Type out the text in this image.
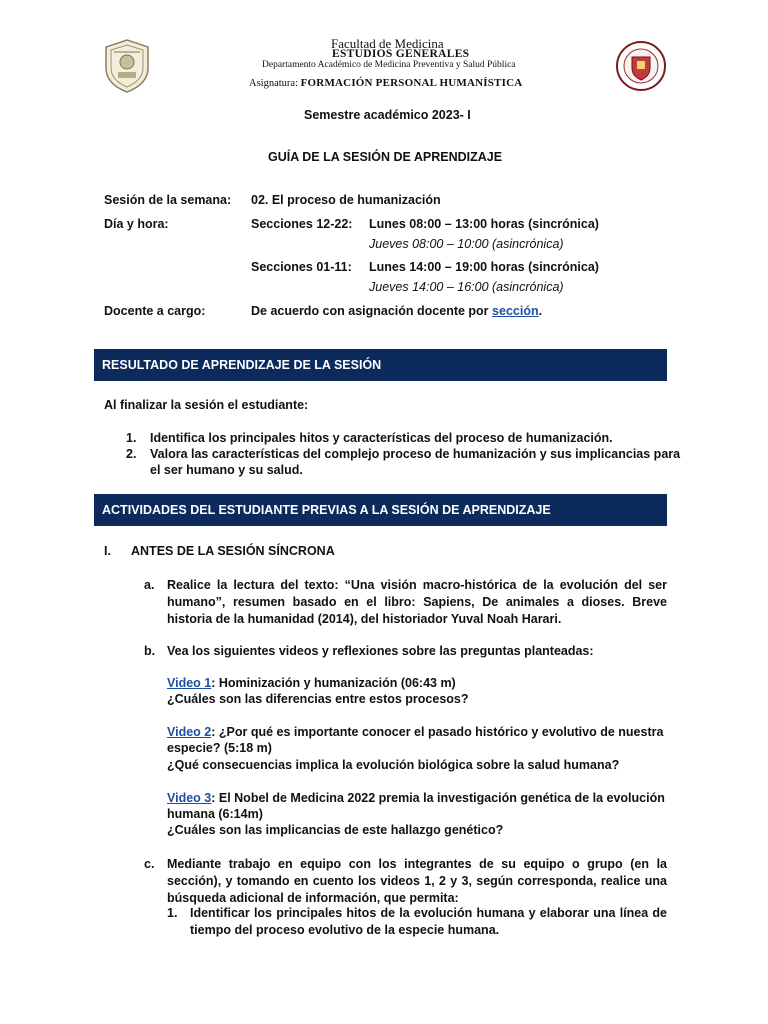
Facultad de Medicina
ESTUDIOS GENERALES
Departamento Académico de Medicina Preventiva y Salud Pública
Asignatura: FORMACIÓN PERSONAL HUMANÍSTICA
Semestre académico 2023- I
GUÍA DE LA SESIÓN DE APRENDIZAJE
Sesión de la semana: 02. El proceso de humanización
Día y hora:	Secciones 12-22: Lunes 08:00 – 13:00 horas (sincrónica)
Jueves 08:00 – 10:00 (asincrónica)
Secciones 01-11: Lunes 14:00 – 19:00 horas (sincrónica)
Jueves 14:00 – 16:00 (asincrónica)
Docente a cargo:	De acuerdo con asignación docente por sección.
RESULTADO DE APRENDIZAJE DE LA SESIÓN
Al finalizar la sesión el estudiante:
1. Identifica los principales hitos y características del proceso de humanización.
2. Valora las características del complejo proceso de humanización y sus implicancias para
el ser humano y su salud.
ACTIVIDADES DEL ESTUDIANTE PREVIAS A LA SESIÓN DE APRENDIZAJE
I. ANTES DE LA SESIÓN SÍNCRONA
a. Realice la lectura del texto: “Una visión macro-histórica de la evolución del ser humano”, resumen basado en el libro: Sapiens, De animales a dioses. Breve historia de la humanidad (2014), del historiador Yuval Noah Harari.
b. Vea los siguientes videos y reflexiones sobre las preguntas planteadas:
Video 1: Hominización y humanización (06:43 m)
¿Cuáles son las diferencias entre estos procesos?
Video 2: ¿Por qué es importante conocer el pasado histórico y evolutivo de nuestra
especie? (5:18 m)
¿Qué consecuencias implica la evolución biológica sobre la salud humana?
Video 3: El Nobel de Medicina 2022 premia la investigación genética de la evolución
humana (6:14m)
¿Cuáles son las implicancias de este hallazgo genético?
c. Mediante trabajo en equipo con los integrantes de su equipo o grupo (en la sección), y tomando en cuento los videos 1, 2 y 3, según corresponda, realice una búsqueda adicional de información, que permita:
1. Identificar los principales hitos de la evolución humana y elaborar una línea de tiempo del proceso evolutivo de la especie humana.
